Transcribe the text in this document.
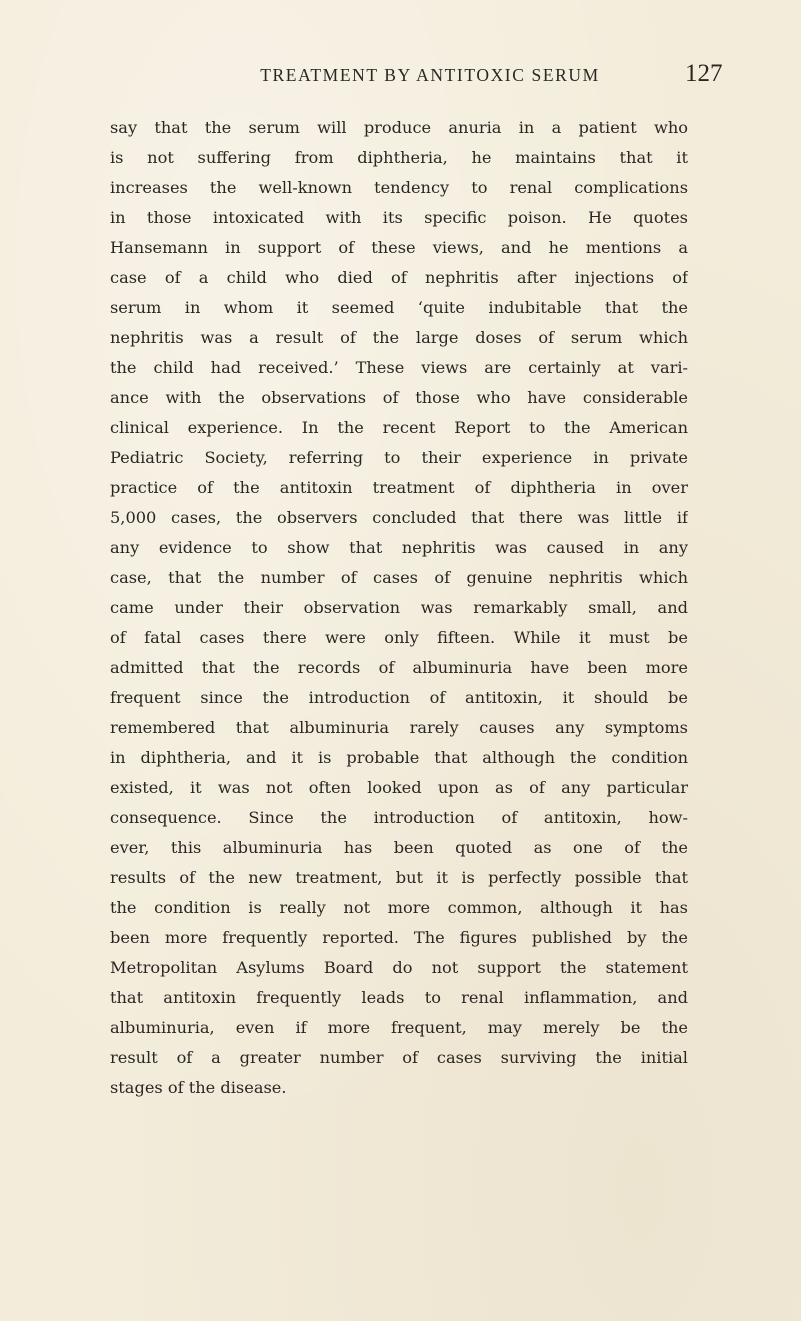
TREATMENT BY ANTITOXIC SERUM	127
say that the serum will produce anuria in a patient who
is not suffering from diphtheria, he maintains that it
increases the well-known tendency to renal complications
in those intoxicated with its specific poison. He quotes
Hansemann in support of these views, and he mentions a
case of a child who died of nephritis after injections of
serum in whom it seemed ‘quite indubitable that the
nephritis was a result of the large doses of serum which
the child had received.’ These views are certainly at vari-
ance with the observations of those who have considerable
clinical experience. In the recent Report to the American
Pediatric Society, referring to their experience in private
practice of the antitoxin treatment of diphtheria in over
5,000 cases, the observers concluded that there was little if
any evidence to show that nephritis was caused in any
case, that the number of cases of genuine nephritis which
came under their observation was remarkably small, and
of fatal cases there were only fifteen. While it must be
admitted that the records of albuminuria have been more
frequent since the introduction of antitoxin, it should be
remembered that albuminuria rarely causes any symptoms
in diphtheria, and it is probable that although the condition
existed, it was not often looked upon as of any particular
consequence. Since the introduction of antitoxin, how-
ever, this albuminuria has been quoted as one of the
results of the new treatment, but it is perfectly possible that
the condition is really not more common, although it has
been more frequently reported. The figures published by the
Metropolitan Asylums Board do not support the statement
that antitoxin frequently leads to renal inflammation, and
albuminuria, even if more frequent, may merely be the
result of a greater number of cases surviving the initial
stages of the disease.
